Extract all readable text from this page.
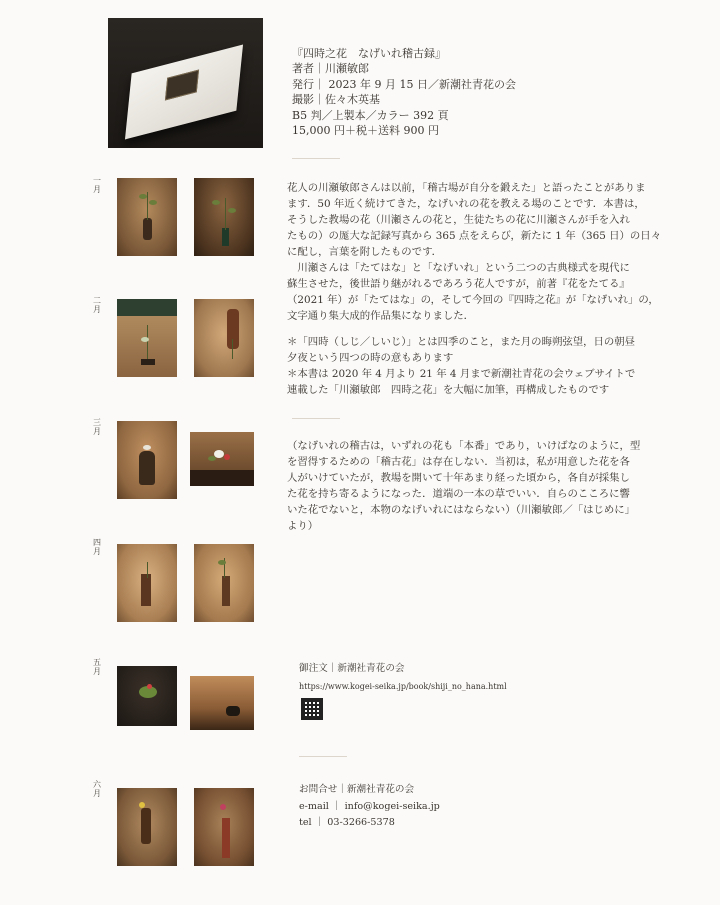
『四時之花　なげいれ稽古録』
著者｜川瀬敏郎
発行｜ 2023 年 9 月 15 日／新潮社青花の会
撮影｜佐々木英基
B5 判／上製本／カラー 392 頁
15,000 円＋税＋送料 900 円
一月
二月
三月
四月
五月
六月

花人の川瀬敏郎さんは以前，「稽古場が自分を鍛えた」と語ったことがありま

ます．50 年近く続けてきた，なげいれの花を教える場のことです．本書は，

そうした教場の花（川瀬さんの花と，生徒たちの花に川瀬さんが手を入れ

たもの）の厖大な記録写真から 365 点をえらび，新たに 1 年（365 日）の日々

に配し，言葉を附したものです．

　川瀬さんは「たてはな」と「なげいれ」という二つの古典様式を現代に

蘇生させた，後世語り継がれるであろう花人ですが，前著『花をたてる』

（2021 年）が「たてはな」の，そして今回の『四時之花』が「なげいれ」の，

文字通り集大成的作品集になりました．

＊「四時（しじ／しいじ）」とは四季のこと，また月の晦朔弦望，日の朝昼

夕夜という四つの時の意もあります

＊本書は 2020 年 4 月より 21 年 4 月まで新潮社青花の会ウェブサイトで

連載した「川瀬敏郎　四時之花」を大幅に加筆，再構成したものです

（なげいれの稽古は，いずれの花も「本番」であり，いけばなのように，型

を習得するための「稽古花」は存在しない．当初は，私が用意した花を各

人がいけていたが，教場を開いて十年あまり経った頃から，各自が採集し

た花を持ち寄るようになった．道端の一本の草でいい．自らのこころに響

いた花でないと，本物のなげいれにはならない）（川瀬敏郎／「はじめに」

より）

御注文｜新潮社青花の会
https://www.kogei-seika.jp/book/shiji_no_hana.html
お問合せ｜新潮社青花の会
e-mail ｜ info@kogei-seika.jp
tel ｜ 03-3266-5378
